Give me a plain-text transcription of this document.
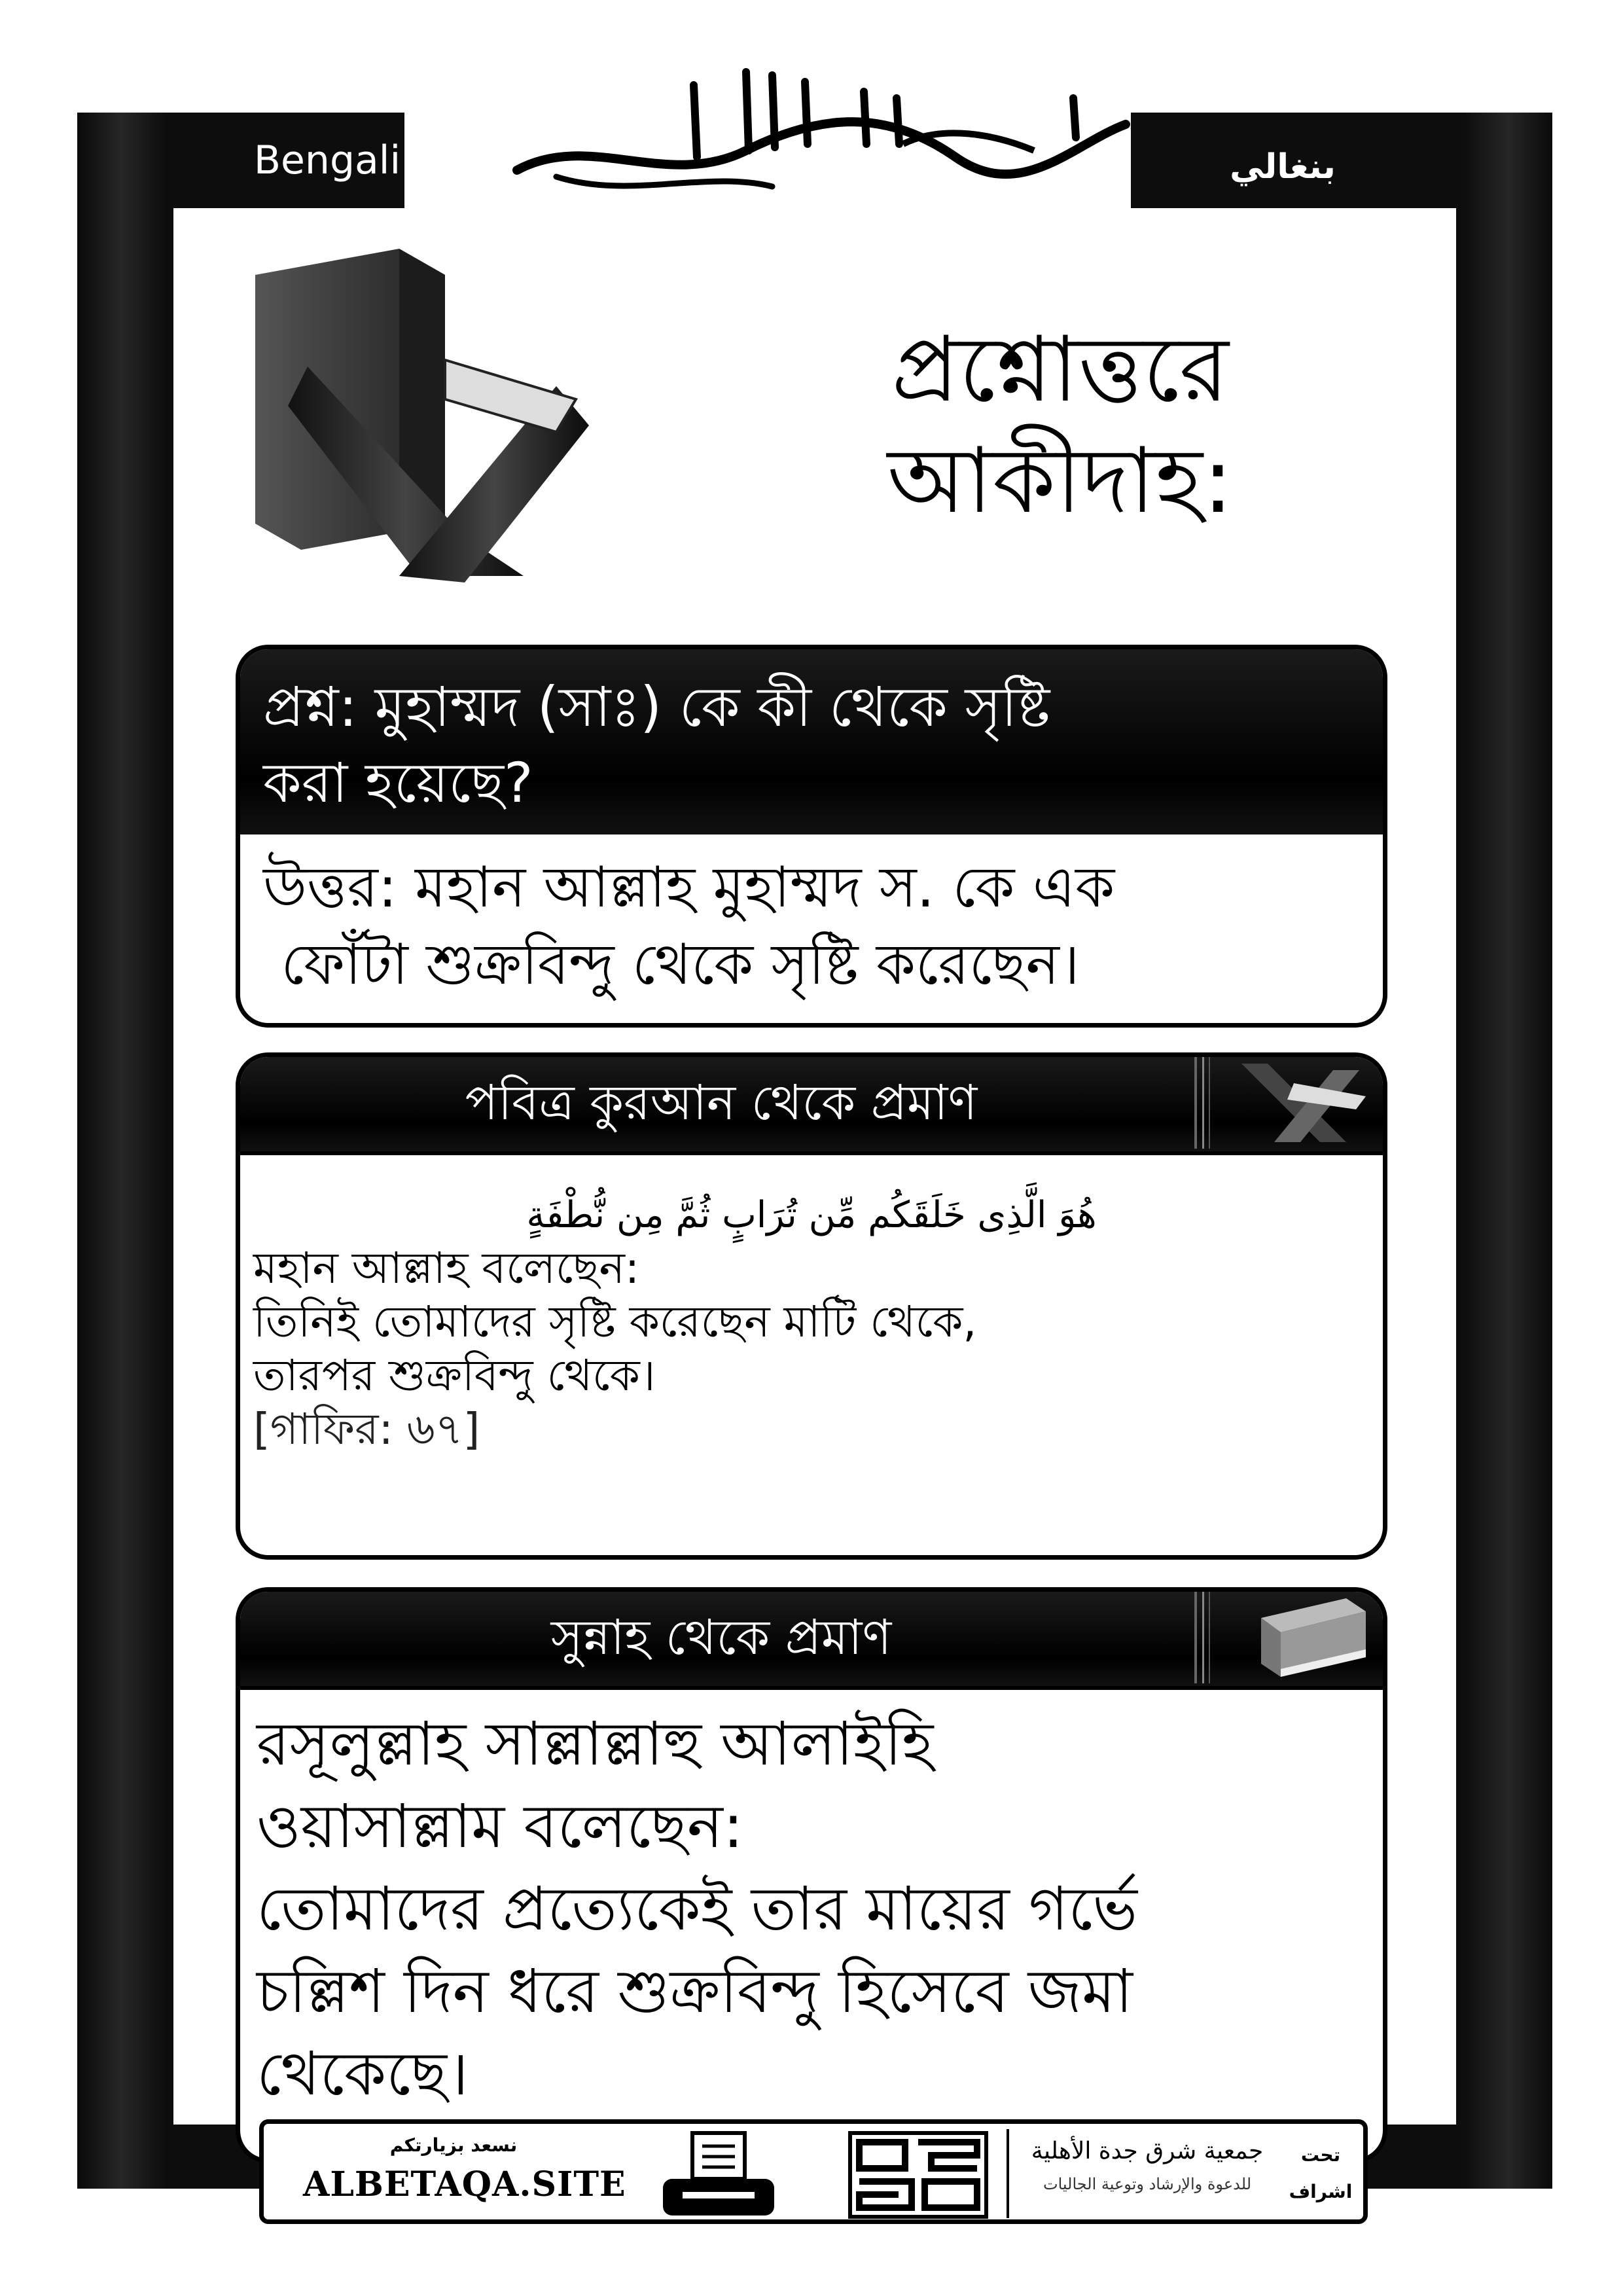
Bengali	بنغالي
প্রশ্নোত্তরে
আকীদাহ:
প্রশ্ন: মুহাম্মদ (সাঃ) কে কী থেকে সৃষ্টি
করা হয়েছে?
উত্তর: মহান আল্লাহ মুহাম্মদ স. কে এক
ফোঁটা শুক্রবিন্দু থেকে সৃষ্টি করেছেন।
পবিত্র কুরআন থেকে প্রমাণ
هُوَ الَّذِى خَلَقَكُم مِّن تُرَابٍ ثُمَّ مِن نُّطْفَةٍ
মহান আল্লাহ বলেছেন:
তিনিই তোমাদের সৃষ্টি করেছেন মাটি থেকে,
তারপর শুক্রবিন্দু থেকে।
[গাফির: ৬৭]
সুন্নাহ থেকে প্রমাণ
রসূলুল্লাহ সাল্লাল্লাহু আলাইহি
ওয়াসাল্লাম বলেছেন:
তোমাদের প্রত্যেকেই তার মায়ের গর্ভে
চল্লিশ দিন ধরে শুক্রবিন্দু হিসেবে জমা
থেকেছে।
نسعد بزيارتكم
ALBETAQA.SITE
جمعية شرق جدة الأهلية
للدعوة والإرشاد وتوعية الجاليات
تحت
اشراف
